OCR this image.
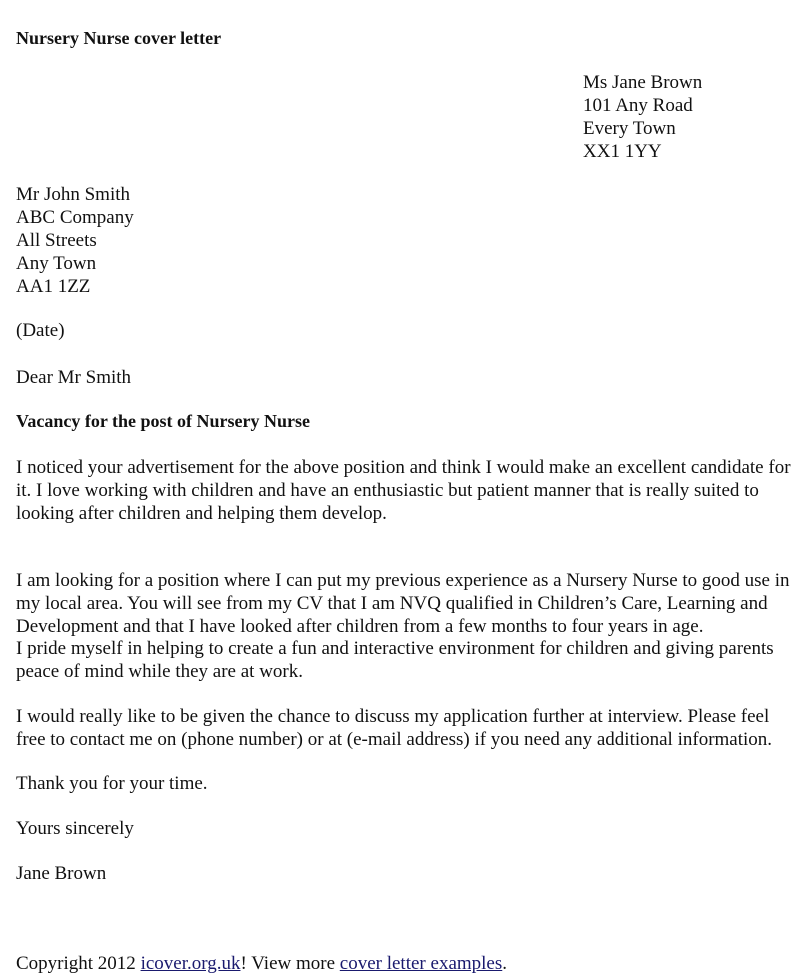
Nursery Nurse cover letter
Ms Jane Brown
101 Any Road
Every Town
XX1 1YY
Mr John Smith
ABC Company
All Streets
Any Town
AA1 1ZZ
(Date)
Dear Mr Smith
Vacancy for the post of Nursery Nurse

I noticed your advertisement for the above position and think I would make an excellent candidate for it. I love working with children and have an enthusiastic but patient manner that is really suited to looking after children and helping them develop.

I am looking for a position where I can put my previous experience as a Nursery Nurse to good use in my local area. You will see from my CV that I am NVQ qualified in Children’s Care, Learning and Development and that I have looked after children from a few months to four years in age.

I pride myself in helping to create a fun and interactive environment for children and giving parents peace of mind while they are at work.

I would really like to be given the chance to discuss my application further at interview. Please feel free to contact me on (phone number) or at (e-mail address) if you need any additional information.

Thank you for your time.
Yours sincerely
Jane Brown
Copyright 2012 icover.org.uk! View more cover letter examples.
